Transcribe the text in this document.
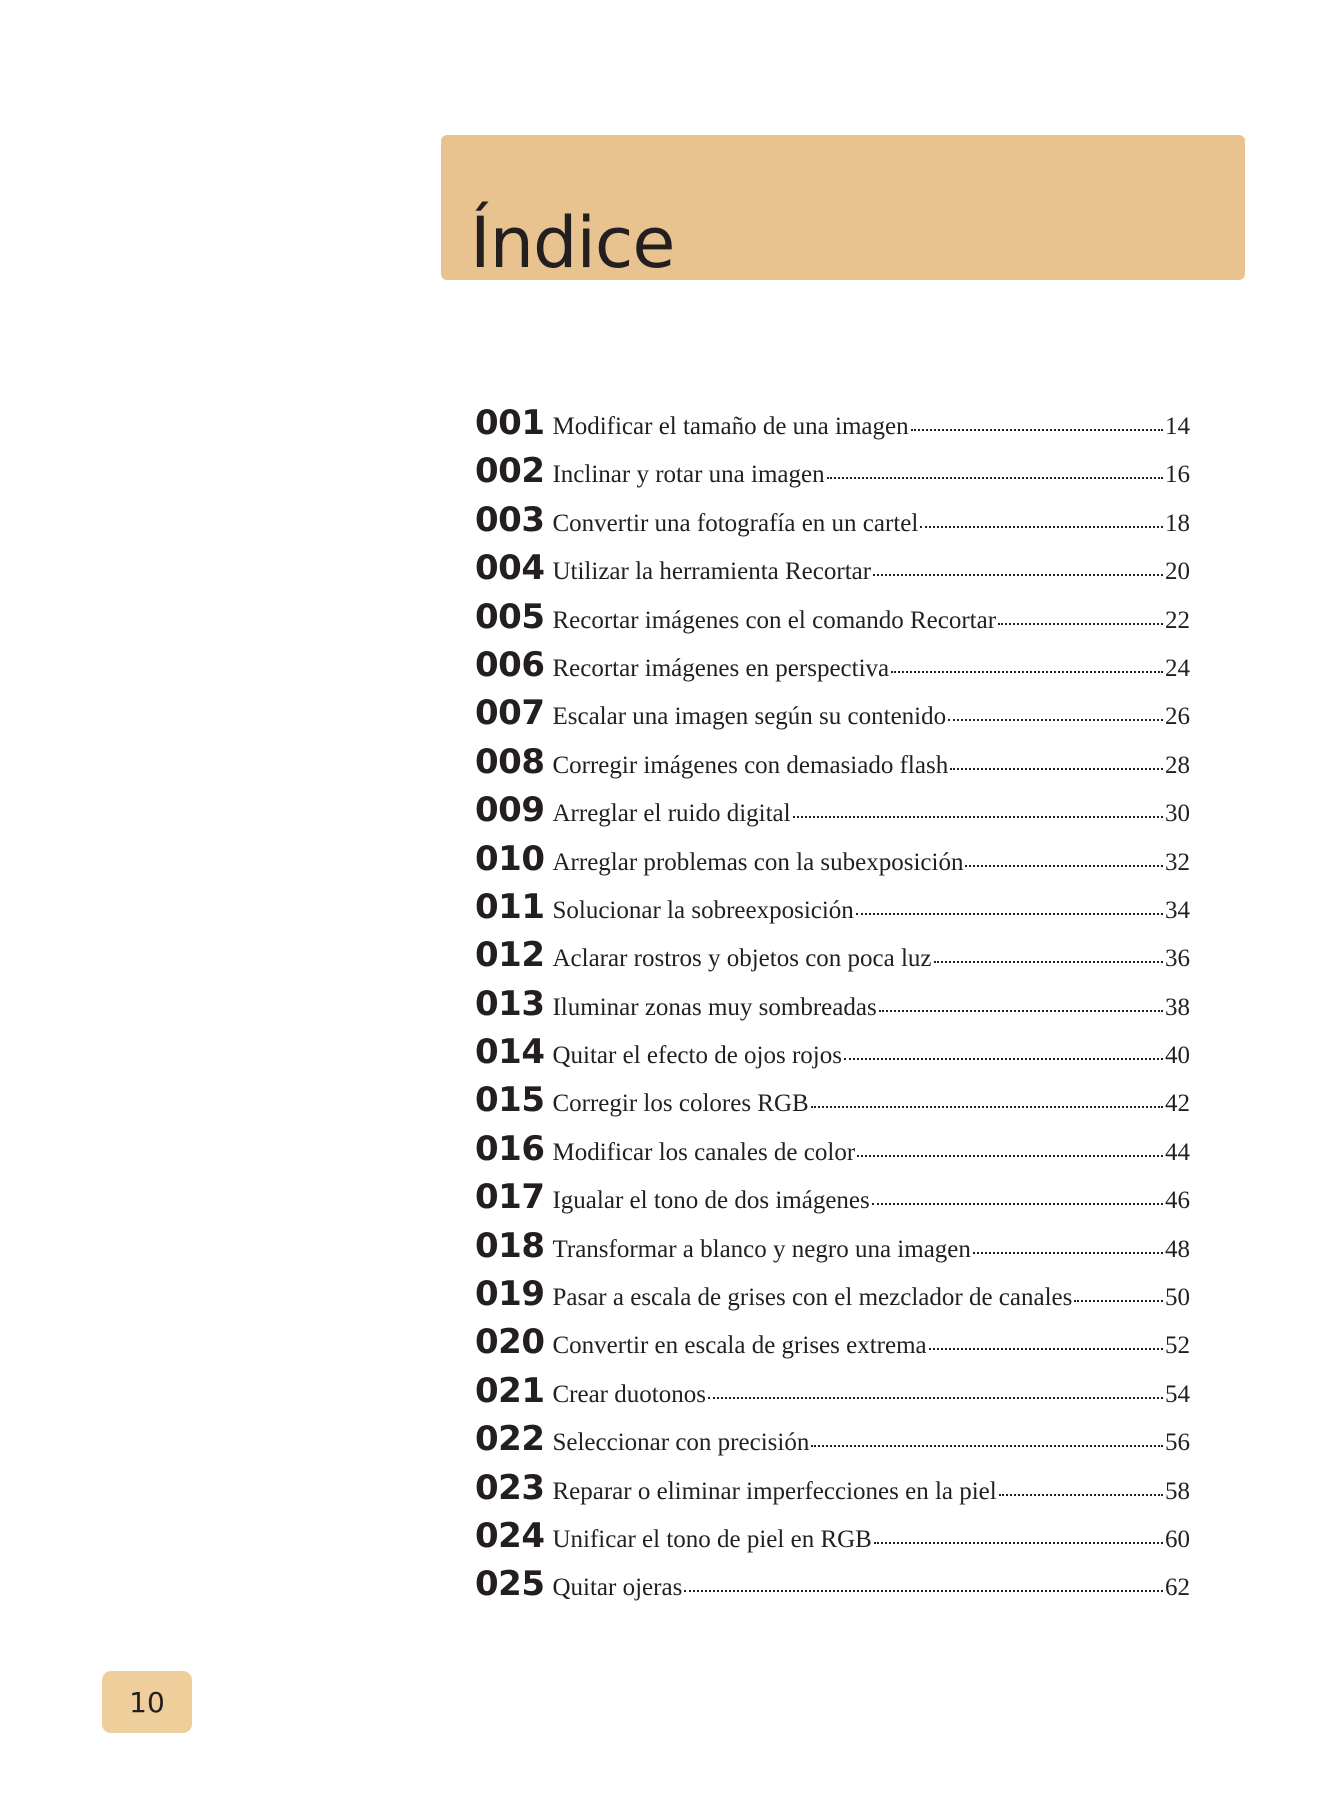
Índice
001 Modificar el tamaño de una imagen	14
002 Inclinar y rotar una imagen	16
003 Convertir una fotografía en un cartel	18
004 Utilizar la herramienta Recortar	20
005 Recortar imágenes con el comando Recortar	22
006 Recortar imágenes en perspectiva	24
007 Escalar una imagen según su contenido	26
008 Corregir imágenes con demasiado flash	28
009 Arreglar el ruido digital	30
010 Arreglar problemas con la subexposición	32
011 Solucionar la sobreexposición	34
012 Aclarar rostros y objetos con poca luz	36
013 Iluminar zonas muy sombreadas	38
014 Quitar el efecto de ojos rojos	40
015 Corregir los colores RGB	42
016 Modificar los canales de color	44
017 Igualar el tono de dos imágenes	46
018 Transformar a blanco y negro una imagen	48
019 Pasar a escala de grises con el mezclador de canales	50
020 Convertir en escala de grises extrema	52
021 Crear duotonos	54
022 Seleccionar con precisión	56
023 Reparar o eliminar imperfecciones en la piel	58
024 Unificar el tono de piel en RGB	60
025 Quitar ojeras	62
10
